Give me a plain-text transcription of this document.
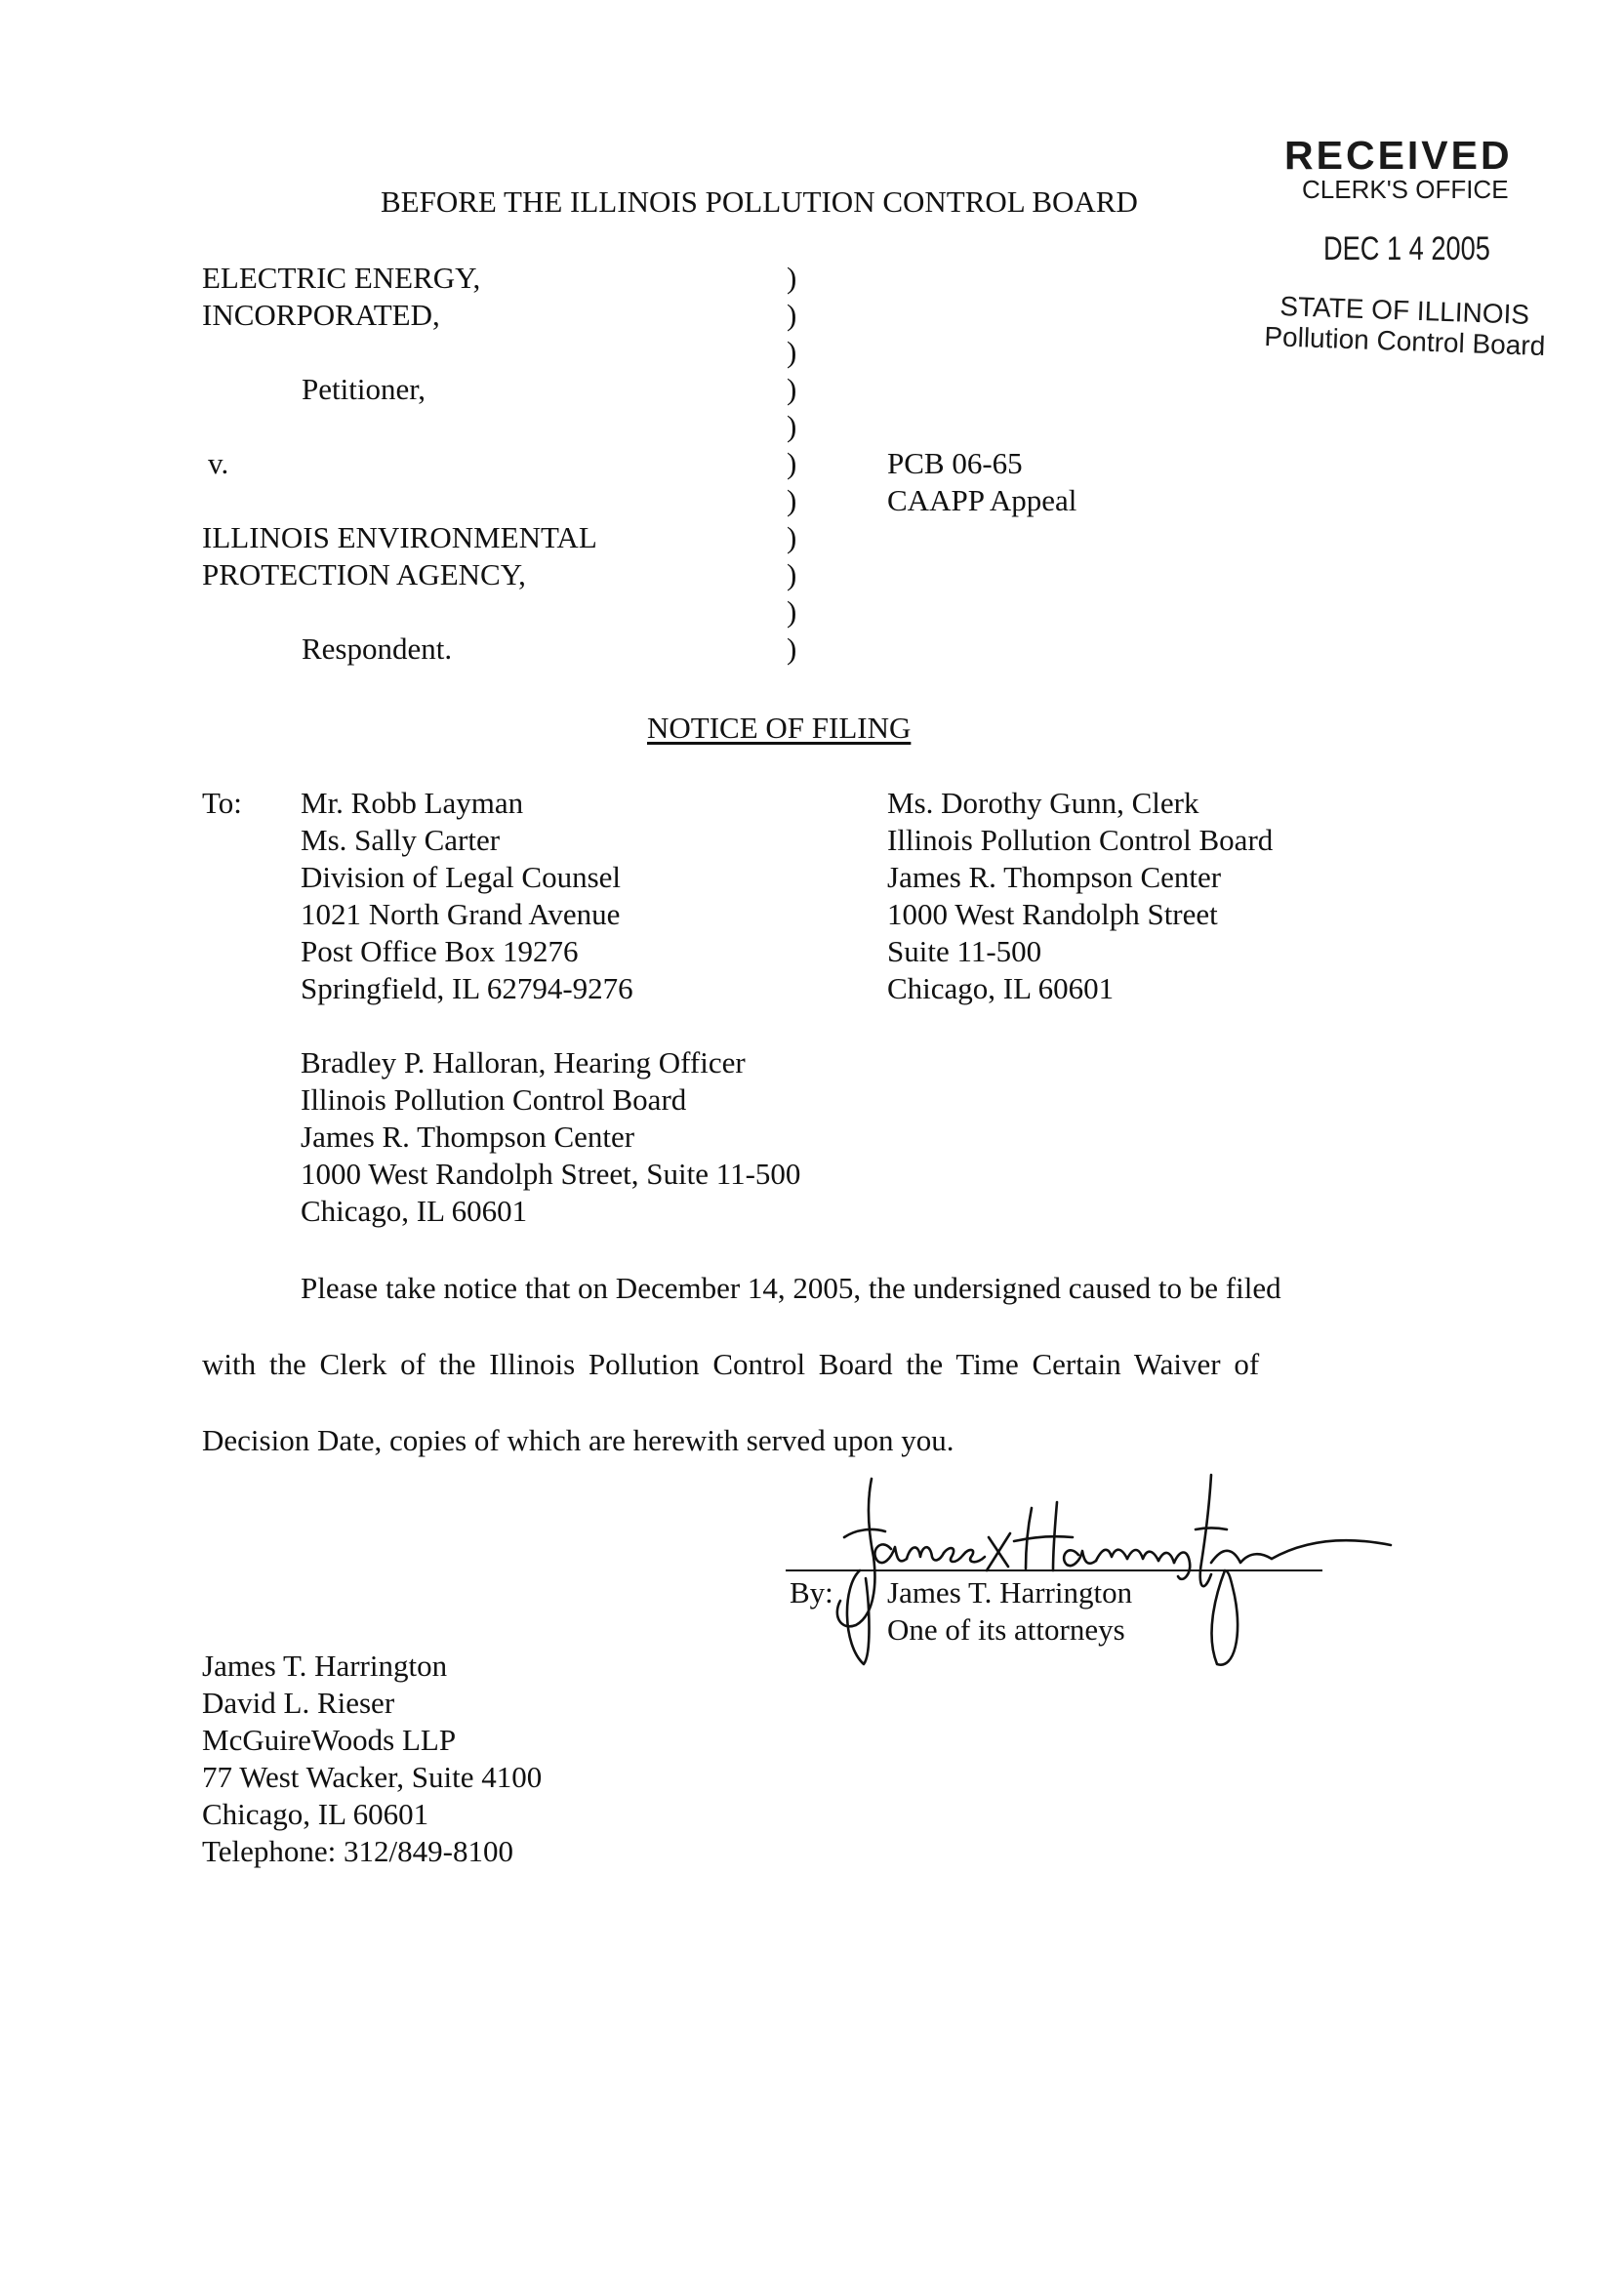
RECEIVED
CLERK'S OFFICE
DEC 1 4 2005
STATE OF ILLINOIS
Pollution Control Board
BEFORE THE ILLINOIS POLLUTION CONTROL BOARD
ELECTRIC ENERGY,
INCORPORATED,
Petitioner,
v.
ILLINOIS ENVIRONMENTAL
PROTECTION AGENCY,
Respondent.
)
)
)
)
)
)
)
)
)
)
)
PCB 06-65
CAAPP Appeal
NOTICE OF FILING
To: Mr. Robb Layman
Ms. Sally Carter
Division of Legal Counsel
1021 North Grand Avenue
Post Office Box 19276
Springfield, IL 62794-9276
Ms. Dorothy Gunn, Clerk
Illinois Pollution Control Board
James R. Thompson Center
1000 West Randolph Street
Suite 11-500
Chicago, IL 60601
Bradley P. Halloran, Hearing Officer
Illinois Pollution Control Board
James R. Thompson Center
1000 West Randolph Street, Suite 11-500
Chicago, IL 60601
Please take notice that on December 14, 2005, the undersigned caused to be filed
with the Clerk of the Illinois Pollution Control Board the Time Certain Waiver of
Decision Date, copies of which are herewith served upon you.
By: James T. Harrington
One of its attorneys
James T. Harrington
David L. Rieser
McGuireWoods LLP
77 West Wacker, Suite 4100
Chicago, IL 60601
Telephone: 312/849-8100
